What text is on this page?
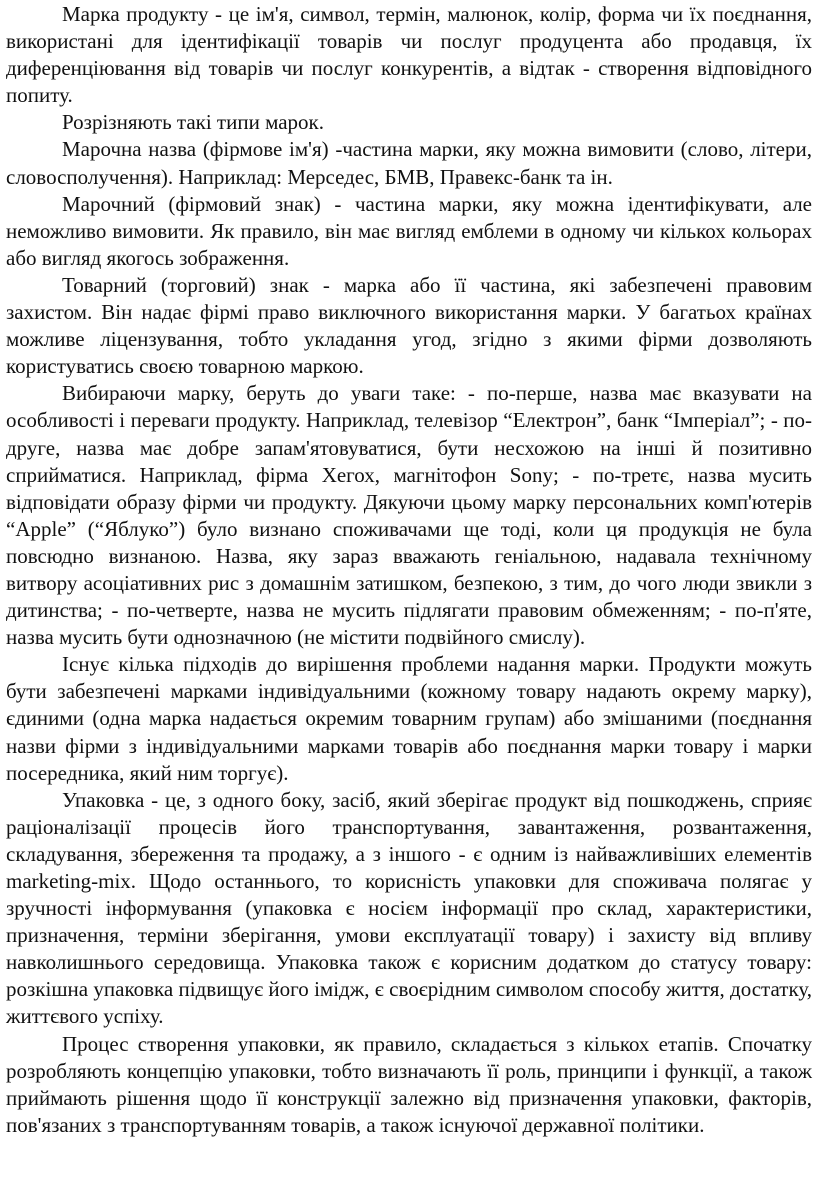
Марка продукту - це ім'я, символ, термін, малюнок, колір, форма чи їх поєднання, використані для ідентифікації товарів чи послуг продуцента або продавця, їх диференціювання від товарів чи послуг конкурентів, а відтак - створення відповідного попиту.

Розрізняють такі типи марок.

Марочна назва (фірмове ім'я) -частина марки, яку можна вимовити (слово, літери, словосполучення). Наприклад: Мерседес, БМВ, Правекс-банк та ін.

Марочний (фірмовий знак) - частина марки, яку можна ідентифікувати, але неможливо вимовити. Як правило, він має вигляд емблеми в одному чи кількох кольорах або вигляд якогось зображення.

Товарний (торговий) знак - марка або її частина, які забезпечені правовим захистом. Він надає фірмі право виключного використання марки. У багатьох країнах можливе ліцензування, тобто укладання угод, згідно з якими фірми дозволяють користуватись своєю товарною маркою.

Вибираючи марку, беруть до уваги таке: - по-перше, назва має вказувати на особливості і переваги продукту. Наприклад, телевізор “Електрон”, банк “Імперіал”; - по-друге, назва має добре запам'ятовуватися, бути несхожою на інші й позитивно сприйматися. Наприклад, фірма Хегох, магнітофон Sony; - по-третє, назва мусить відповідати образу фірми чи продукту. Дякуючи цьому марку персональних комп'ютерів “Apple” (“Яблуко”) було визнано споживачами ще тоді, коли ця продукція не була повсюдно визнаною. Назва, яку зараз вважають геніальною, надавала технічному витвору асоціативних рис з домашнім затишком, безпекою, з тим, до чого люди звикли з дитинства; - по-четверте, назва не мусить підлягати правовим обмеженням; - по-п'яте, назва мусить бути однозначною (не містити подвійного смислу).

Існує кілька підходів до вирішення проблеми надання марки. Продукти можуть бути забезпечені марками індивідуальними (кожному товару надають окрему марку), єдиними (одна марка надається окремим товарним групам) або змішаними (поєднання назви фірми з індивідуальними марками товарів або поєднання марки товару і марки посередника, який ним торгує).

Упаковка - це, з одного боку, засіб, який зберігає продукт від пошкоджень, сприяє раціоналізації процесів його транспортування, завантаження, розвантаження, складування, збереження та продажу, а з іншого - є одним із найважливіших елементів marketing-mix. Щодо останнього, то корисність упаковки для споживача полягає у зручності інформування (упаковка є носієм інформації про склад, характеристики, призначення, терміни зберігання, умови експлуатації товару) і захисту від впливу навколишнього середовища. Упаковка також є корисним додатком до статусу товару: розкішна упаковка підвищує його імідж, є своєрідним символом способу життя, достатку, життєвого успіху.

Процес створення упаковки, як правило, складається з кількох етапів. Спочатку розробляють концепцію упаковки, тобто визначають її роль, принципи і функції, а також приймають рішення щодо її конструкції залежно від призначення упаковки, факторів, пов'язаних з транспортуванням товарів, а також існуючої державної політики.
